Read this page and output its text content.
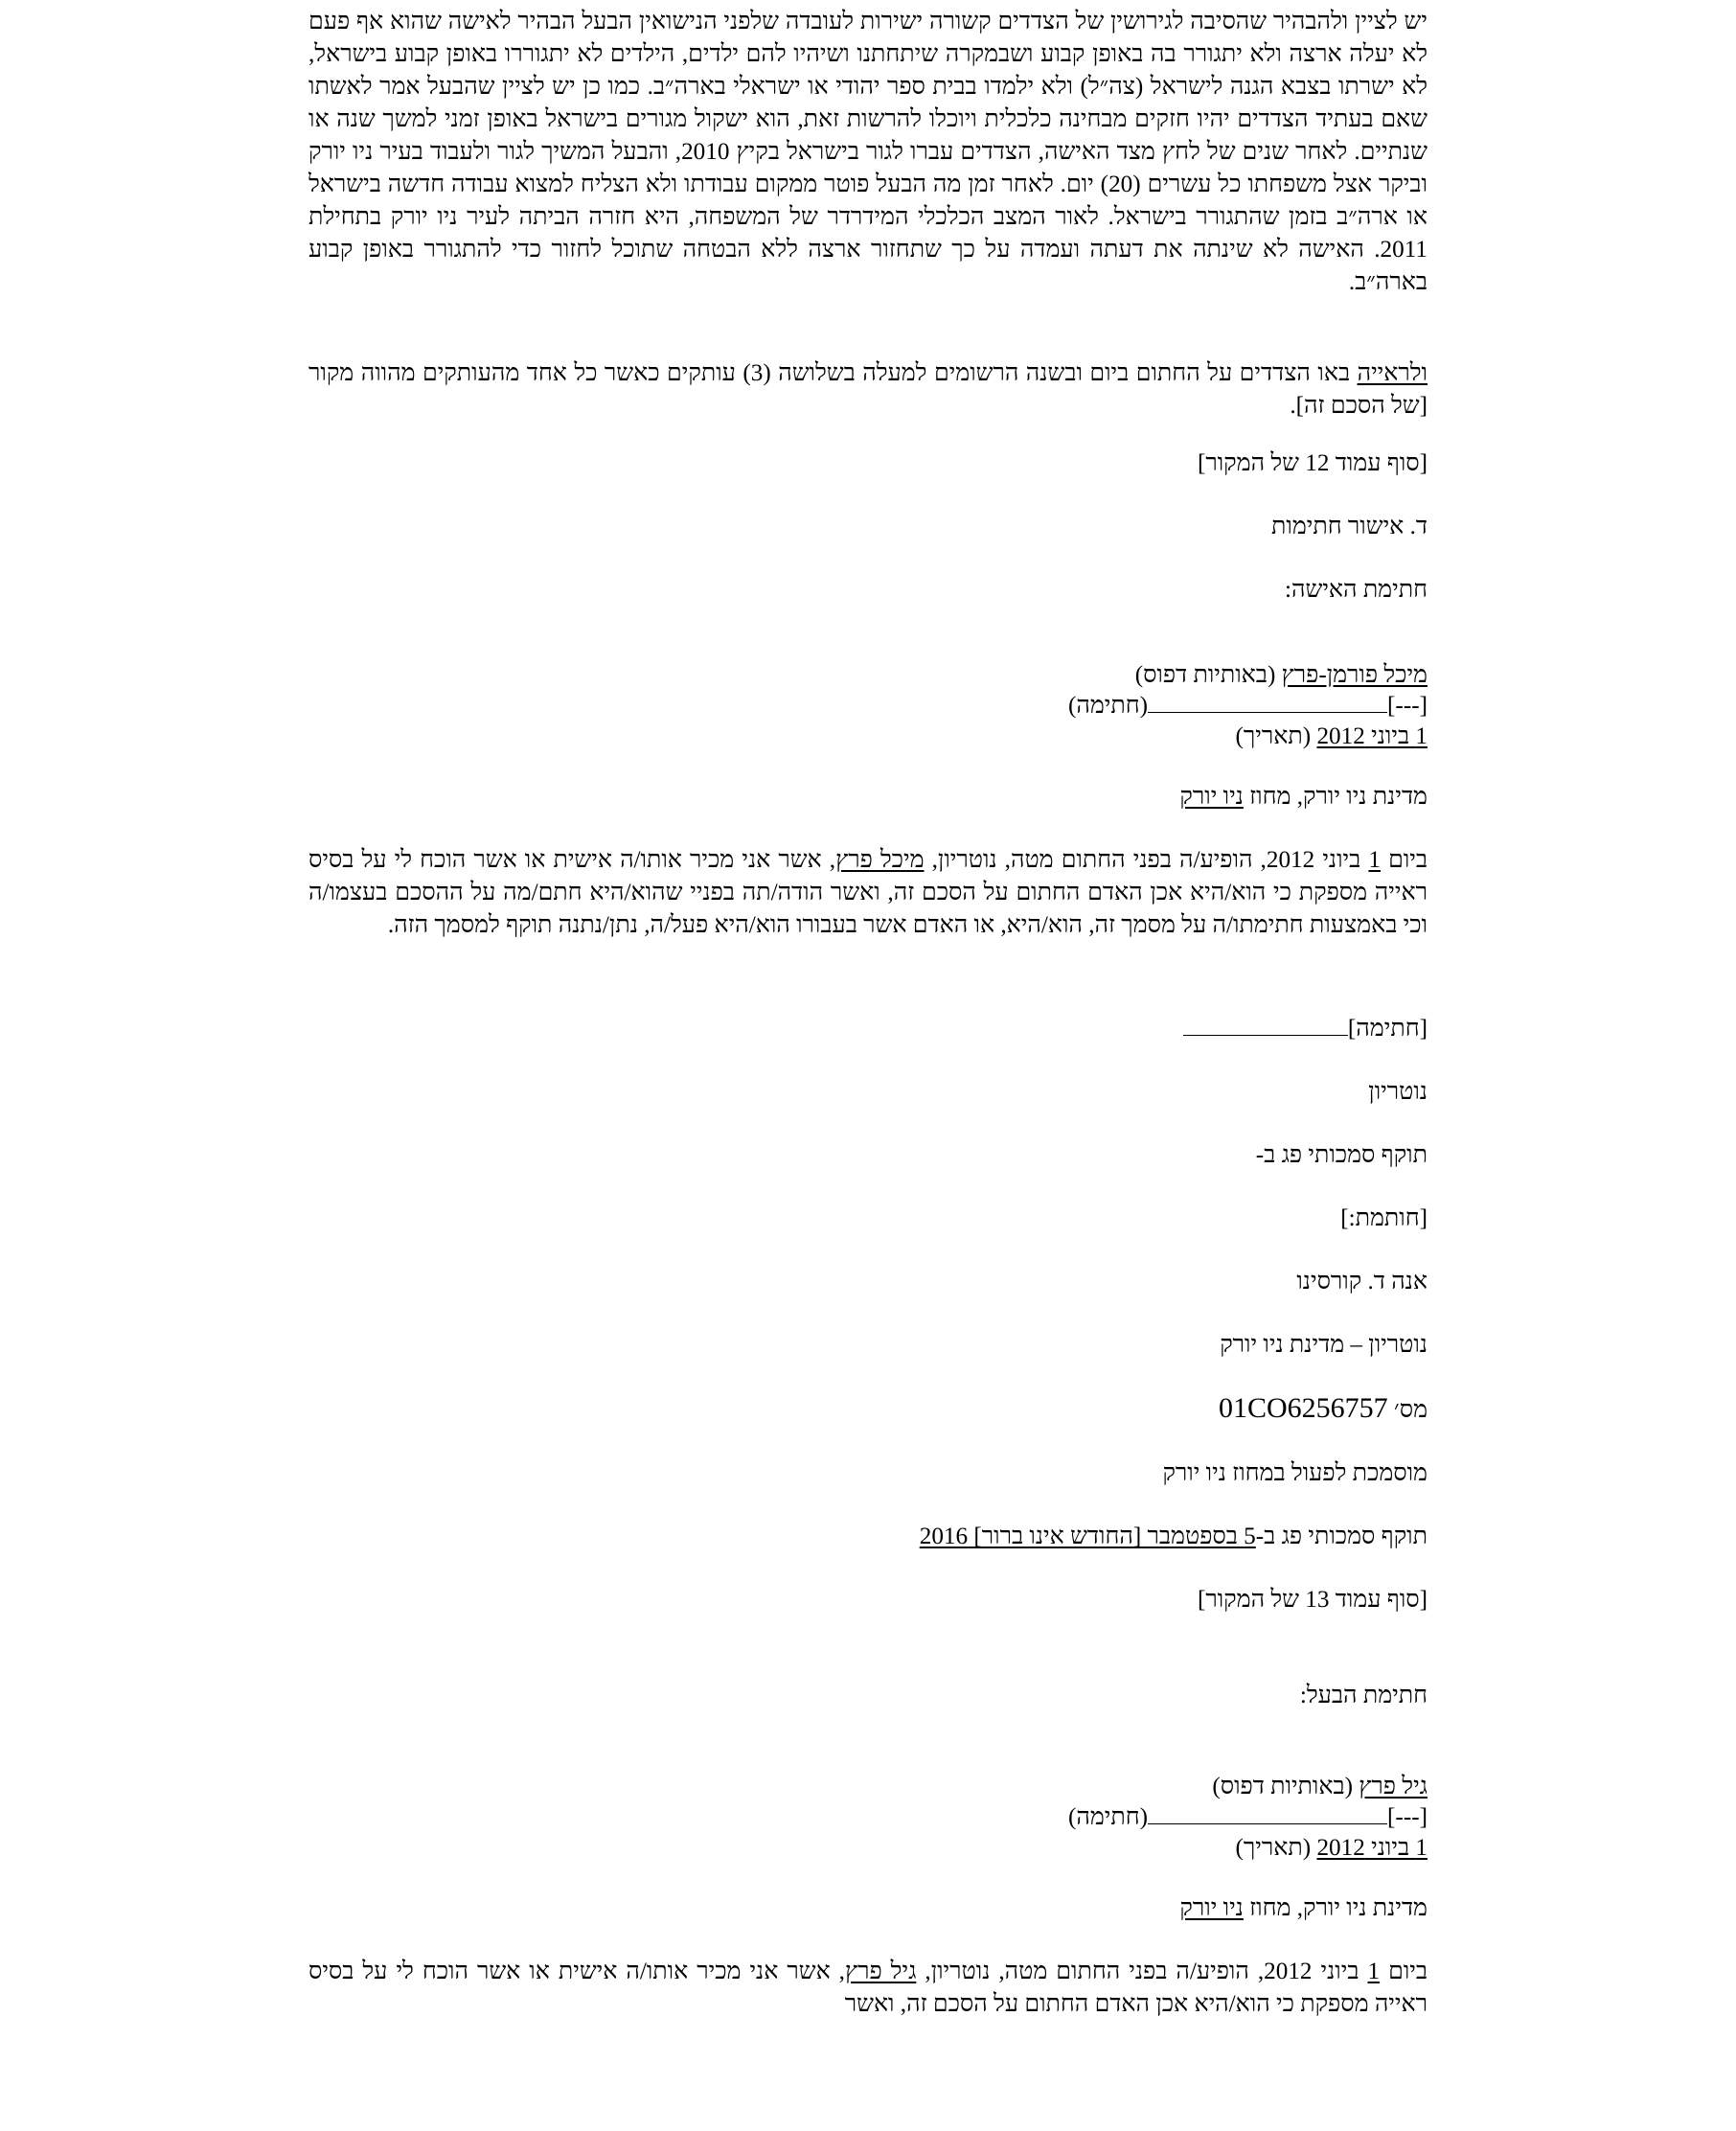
יש לציין ולהבהיר שהסיבה לגירושין של הצדדים קשורה ישירות לעובדה שלפני הנישואין הבעל הבהיר לאישה שהוא אף פעם לא יעלה ארצה ולא יתגורר בה באופן קבוע ושבמקרה שיתחתנו ושיהיו להם ילדים, הילדים לא יתגוררו באופן קבוע בישראל, לא ישרתו בצבא הגנה לישראל (צה״ל) ולא ילמדו בבית ספר יהודי או ישראלי בארה״ב. כמו כן יש לציין שהבעל אמר לאשתו שאם בעתיד הצדדים יהיו חזקים מבחינה כלכלית ויוכלו להרשות זאת, הוא ישקול מגורים בישראל באופן זמני למשך שנה או שנתיים. לאחר שנים של לחץ מצד האישה, הצדדים עברו לגור בישראל בקיץ 2010, והבעל המשיך לגור ולעבוד בעיר ניו יורק וביקר אצל משפחתו כל עשרים (20) יום. לאחר זמן מה הבעל פוטר ממקום עבודתו ולא הצליח למצוא עבודה חדשה בישראל או ארה״ב בזמן שהתגורר בישראל. לאור המצב הכלכלי המידרדר של המשפחה, היא חזרה הביתה לעיר ניו יורק בתחילת 2011. האישה לא שינתה את דעתה ועמדה על כך שתחזור ארצה ללא הבטחה שתוכל לחזור כדי להתגורר באופן קבוע בארה״ב.

ולראייה באו הצדדים על החתום ביום ובשנה הרשומים למעלה בשלושה (3) עותקים כאשר כל אחד מהעותקים מהווה מקור [של הסכם זה].

[סוף עמוד 12 של המקור]

ד. אישור חתימות

חתימת האישה:

מיכל פורמן-פרץ (באותיות דפוס)

[---](חתימה)

1 ביוני 2012 (תאריך)

מדינת ניו יורק, מחוז ניו יורק

ביום 1 ביוני 2012, הופיע/ה בפני החתום מטה, נוטריון, מיכל פרץ, אשר אני מכיר אותו/ה אישית או אשר הוכח לי על בסיס ראייה מספקת כי הוא/היא אכן האדם החתום על הסכם זה, ואשר הודה/תה בפניי שהוא/היא חתם/מה על ההסכם בעצמו/ה וכי באמצעות חתימתו/ה על מסמך זה, הוא/היא, או האדם אשר בעבורו הוא/היא פעל/ה, נתן/נתנה תוקף למסמך הזה.

[חתימה]

נוטריון

תוקף סמכותי פג ב-

[חותמת:]

אנה ד. קורסינו

נוטריון – מדינת ניו יורק

מס׳ 01CO6256757

מוסמכת לפעול במחוז ניו יורק

תוקף סמכותי פג ב-5 בספטמבר [החודש אינו ברור] 2016

[סוף עמוד 13 של המקור]

חתימת הבעל:

גיל פרץ (באותיות דפוס)

[---](חתימה)

1 ביוני 2012 (תאריך)

מדינת ניו יורק, מחוז ניו יורק

ביום 1 ביוני 2012, הופיע/ה בפני החתום מטה, נוטריון, גיל פרץ, אשר אני מכיר אותו/ה אישית או אשר הוכח לי על בסיס ראייה מספקת כי הוא/היא אכן האדם החתום על הסכם זה, ואשר
